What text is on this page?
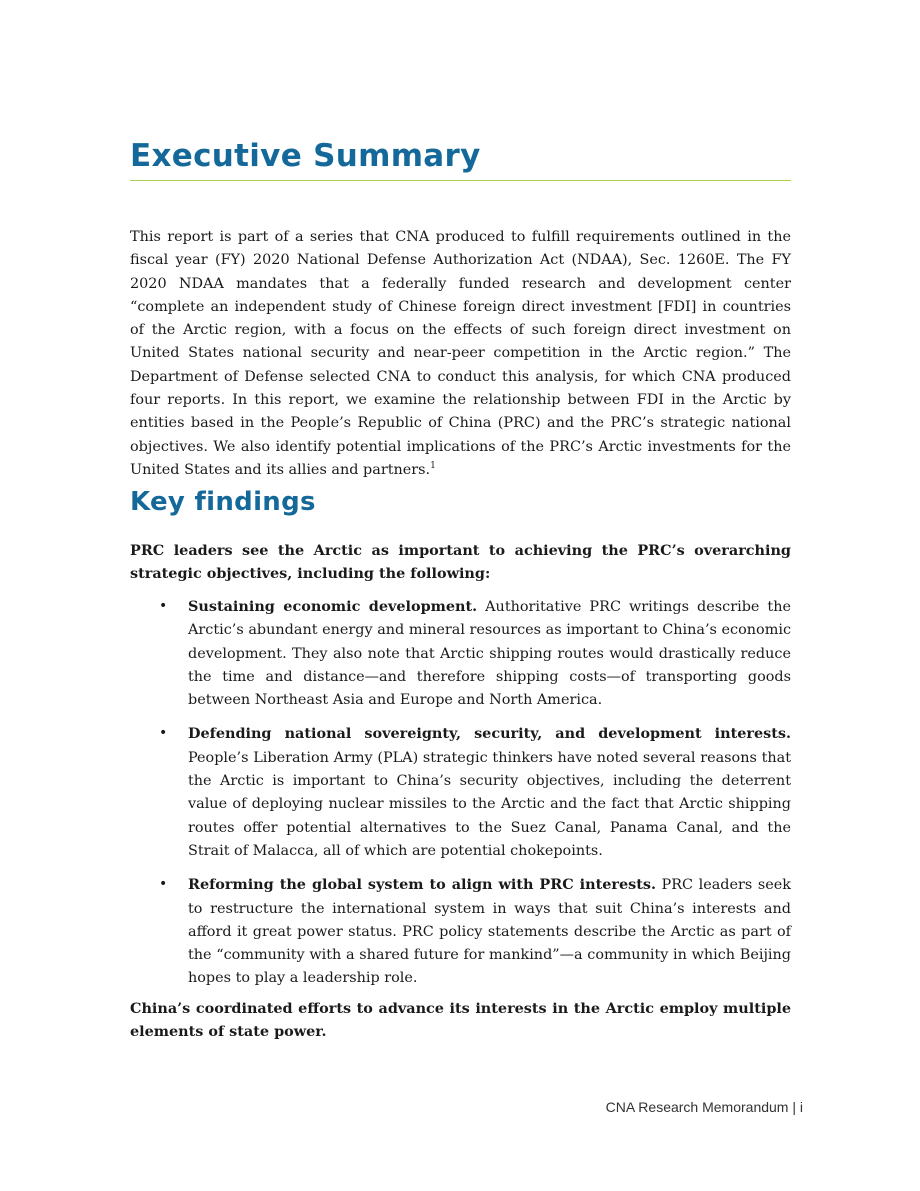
Executive Summary

This report is part of a series that CNA produced to fulfill requirements outlined in the fiscal year (FY) 2020 National Defense Authorization Act (NDAA), Sec. 1260E. The FY 2020 NDAA mandates that a federally funded research and development center “complete an independent study of Chinese foreign direct investment [FDI] in countries of the Arctic region, with a focus on the effects of such foreign direct investment on United States national security and near-peer competition in the Arctic region.” The Department of Defense selected CNA to conduct this analysis, for which CNA produced four reports. In this report, we examine the relationship between FDI in the Arctic by entities based in the People’s Republic of China (PRC) and the PRC’s strategic national objectives. We also identify potential implications of the PRC’s Arctic investments for the United States and its allies and partners.$^1$

Key findings

PRC leaders see the Arctic as important to achieving the PRC’s overarching strategic objectives, including the following:

• Sustaining economic development. Authoritative PRC writings describe the Arctic’s abundant energy and mineral resources as important to China’s economic development. They also note that Arctic shipping routes would drastically reduce the time and distance—and therefore shipping costs—of transporting goods between Northeast Asia and Europe and North America.
• Defending national sovereignty, security, and development interests. People’s Liberation Army (PLA) strategic thinkers have noted several reasons that the Arctic is important to China’s security objectives, including the deterrent value of deploying nuclear missiles to the Arctic and the fact that Arctic shipping routes offer potential alternatives to the Suez Canal, Panama Canal, and the Strait of Malacca, all of which are potential chokepoints.
• Reforming the global system to align with PRC interests. PRC leaders seek to restructure the international system in ways that suit China’s interests and afford it great power status. PRC policy statements describe the Arctic as part of the “community with a shared future for mankind”—a community in which Beijing hopes to play a leadership role.

China’s coordinated efforts to advance its interests in the Arctic employ multiple elements of state power.

CNA Research Memorandum | i
